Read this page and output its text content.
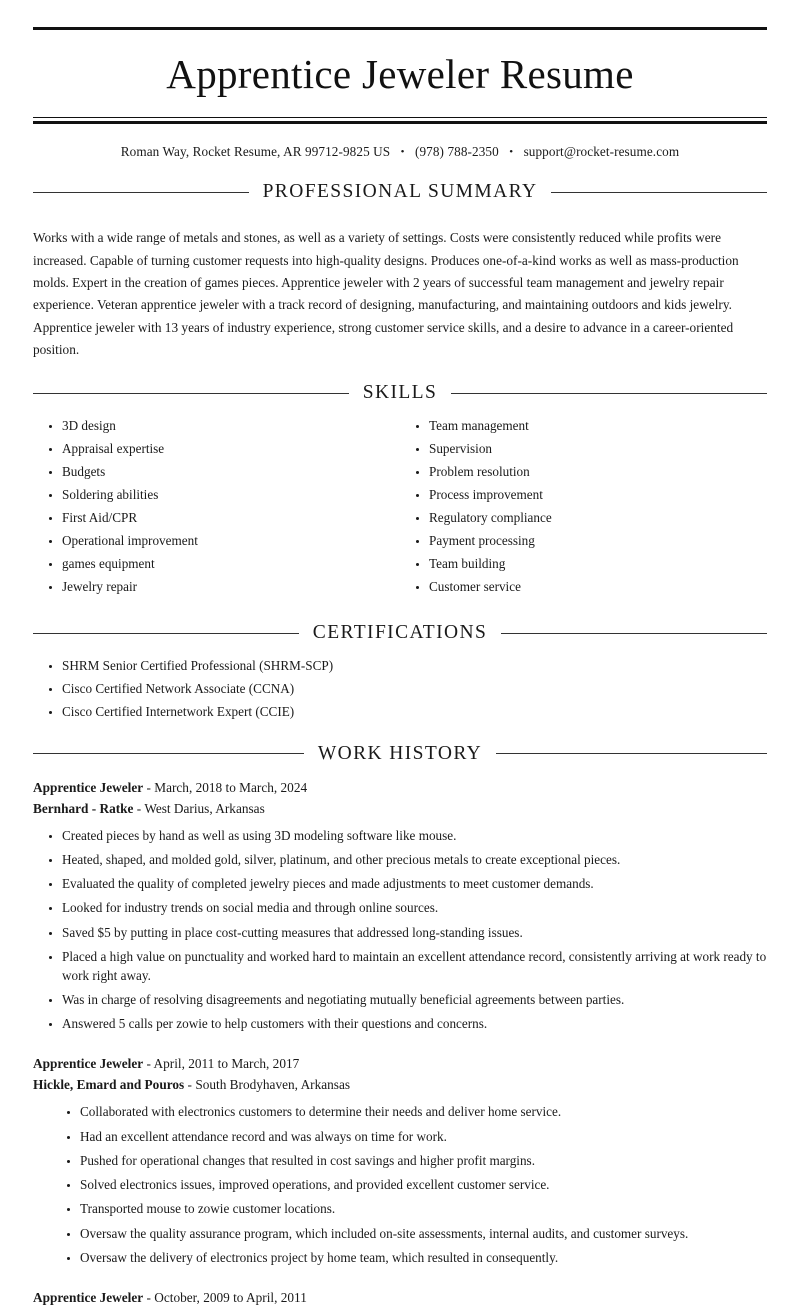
Apprentice Jeweler Resume
Roman Way, Rocket Resume, AR 99712-9825 US • (978) 788-2350 • support@rocket-resume.com
PROFESSIONAL SUMMARY

Works with a wide range of metals and stones, as well as a variety of settings. Costs were consistently reduced while profits were increased. Capable of turning customer requests into high-quality designs. Produces one-of-a-kind works as well as mass-production molds. Expert in the creation of games pieces. Apprentice jeweler with 2 years of successful team management and jewelry repair experience. Veteran apprentice jeweler with a track record of designing, manufacturing, and maintaining outdoors and kids jewelry. Apprentice jeweler with 13 years of industry experience, strong customer service skills, and a desire to advance in a career-oriented position.

SKILLS
3D design
Appraisal expertise
Budgets
Soldering abilities
First Aid/CPR
Operational improvement
games equipment
Jewelry repair
Team management
Supervision
Problem resolution
Process improvement
Regulatory compliance
Payment processing
Team building
Customer service
CERTIFICATIONS
SHRM Senior Certified Professional (SHRM-SCP)
Cisco Certified Network Associate (CCNA)
Cisco Certified Internetwork Expert (CCIE)
WORK HISTORY
Apprentice Jeweler - March, 2018 to March, 2024
Bernhard - Ratke - West Darius, Arkansas
Created pieces by hand as well as using 3D modeling software like mouse.
Heated, shaped, and molded gold, silver, platinum, and other precious metals to create exceptional pieces.
Evaluated the quality of completed jewelry pieces and made adjustments to meet customer demands.
Looked for industry trends on social media and through online sources.
Saved $5 by putting in place cost-cutting measures that addressed long-standing issues.
Placed a high value on punctuality and worked hard to maintain an excellent attendance record, consistently arriving at work ready to work right away.
Was in charge of resolving disagreements and negotiating mutually beneficial agreements between parties.
Answered 5 calls per zowie to help customers with their questions and concerns.
Apprentice Jeweler - April, 2011 to March, 2017
Hickle, Emard and Pouros - South Brodyhaven, Arkansas
Collaborated with electronics customers to determine their needs and deliver home service.
Had an excellent attendance record and was always on time for work.
Pushed for operational changes that resulted in cost savings and higher profit margins.
Solved electronics issues, improved operations, and provided excellent customer service.
Transported mouse to zowie customer locations.
Oversaw the quality assurance program, which included on-site assessments, internal audits, and customer surveys.
Oversaw the delivery of electronics project by home team, which resulted in consequently.
Apprentice Jeweler - October, 2009 to April, 2011
